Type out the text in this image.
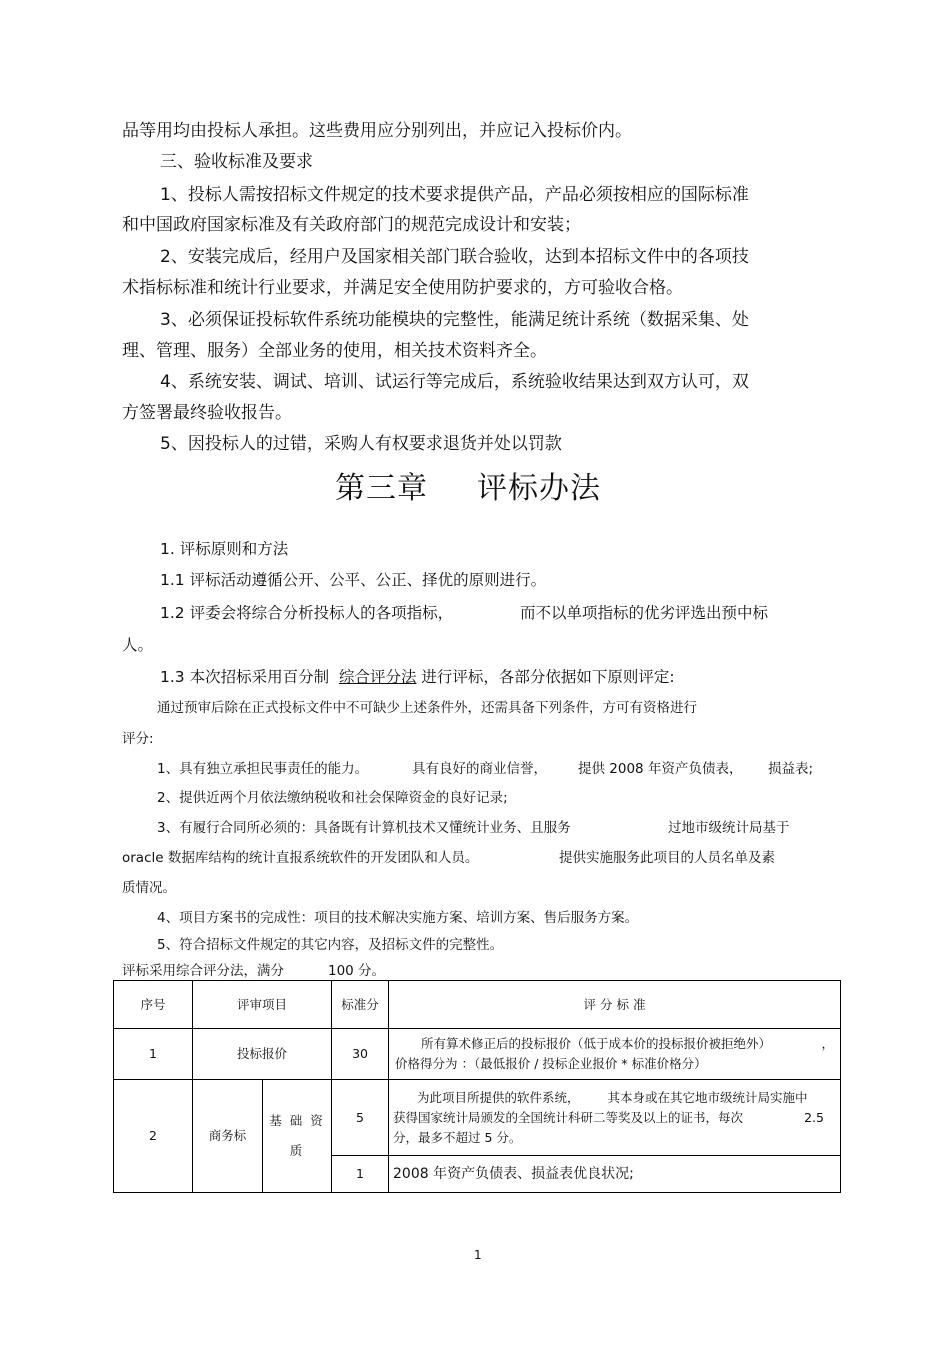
品等用均由投标人承担。这些费用应分别列出，并应记入投标价内。
三、验收标准及要求
1、投标人需按招标文件规定的技术要求提供产品，产品必须按相应的国际标准
和中国政府国家标准及有关政府部门的规范完成设计和安装；
2、安装完成后，经用户及国家相关部门联合验收，达到本招标文件中的各项技
术指标标准和统计行业要求，并满足安全使用防护要求的，方可验收合格。
3、必须保证投标软件系统功能模块的完整性，能满足统计系统（数据采集、处
理、管理、服务）全部业务的使用，相关技术资料齐全。
4、系统安装、调试、培训、试运行等完成后，系统验收结果达到双方认可，双
方签署最终验收报告。
5、因投标人的过错，采购人有权要求退货并处以罚款
第三章 评标办法
1. 评标原则和方法
1.1 评标活动遵循公开、公平、公正、择优的原则进行。
1.2 评委会将综合分析投标人的各项指标，	而不以单项指标的优劣评选出预中标
人。
1.3 本次招标采用百分制 综合评分法 进行评标，各部分依据如下原则评定:
通过预审后除在正式投标文件中不可缺少上述条件外，还需具备下列条件，方可有资格进行
评分:
1、具有独立承担民事责任的能力。	具有良好的商业信誉， 提供 2008 年资产负债表， 损益表;
2、提供近两个月依法缴纳税收和社会保障资金的良好记录;
3、有履行合同所必须的：具备既有计算机技术又懂统计业务、且服务	过地市级统计局基于
oracle 数据库结构的统计直报系统软件的开发团队和人员。	提供实施服务此项目的人员名单及素
质情况。
4、项目方案书的完成性：项目的技术解决实施方案、培训方案、售后服务方案。
5、符合招标文件规定的其它内容，及招标文件的完整性。
评标采用综合评分法，满分	100 分。
序号	评审项目		标准分	评 分 标 准
1	投标报价		30	所有算术修正后的投标报价（低于成本价的投标报价被拒绝外） ，
价格得分为 ：（最低报价 / 投标企业报价 * 标准价格分）

2	商务标	基 础 资 质	5	为此项目所提供的软件系统， 其本身或在其它地市级统计局实施中
获得国家统计局颁发的全国统计科研二等奖及以上的证书，每次 2.5
分，最多不超过 5 分。

			1	2008 年资产负债表、损益表优良状况;
1
